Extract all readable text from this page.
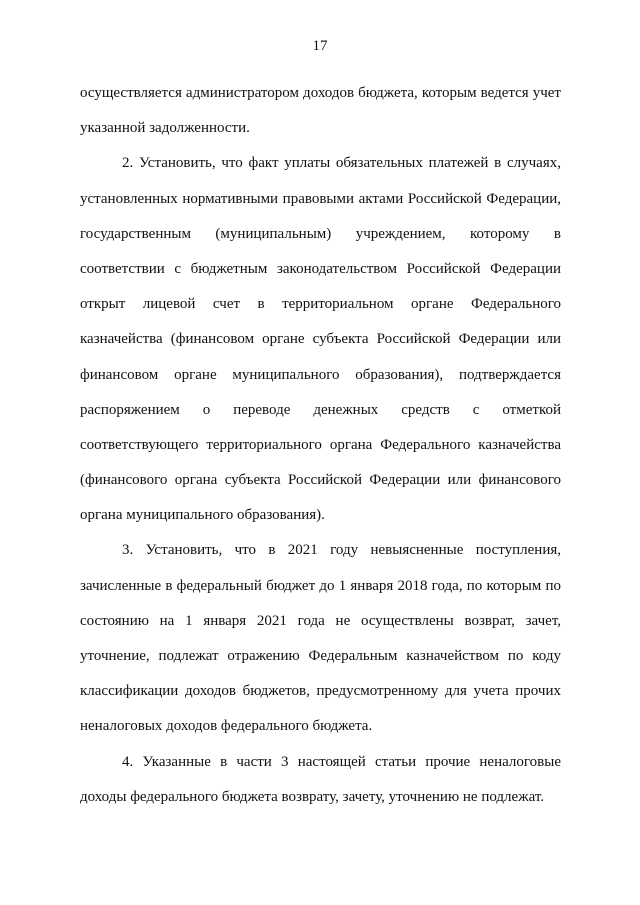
17
осуществляется администратором доходов бюджета, которым ведется учет
указанной задолженности.
2. Установить, что факт уплаты обязательных платежей в случаях,
установленных нормативными правовыми актами Российской Федерации,
государственным (муниципальным) учреждением, которому в
соответствии с бюджетным законодательством Российской Федерации
открыт лицевой счет в территориальном органе Федерального
казначейства (финансовом органе субъекта Российской Федерации или
финансовом органе муниципального образования), подтверждается
распоряжением о переводе денежных средств с отметкой
соответствующего территориального органа Федерального казначейства
(финансового органа субъекта Российской Федерации или финансового
органа муниципального образования).
3. Установить, что в 2021 году невыясненные поступления,
зачисленные в федеральный бюджет до 1 января 2018 года, по которым по
состоянию на 1 января 2021 года не осуществлены возврат, зачет,
уточнение, подлежат отражению Федеральным казначейством по коду
классификации доходов бюджетов, предусмотренному для учета прочих
неналоговых доходов федерального бюджета.
4. Указанные в части 3 настоящей статьи прочие неналоговые
доходы федерального бюджета возврату, зачету, уточнению не подлежат.
